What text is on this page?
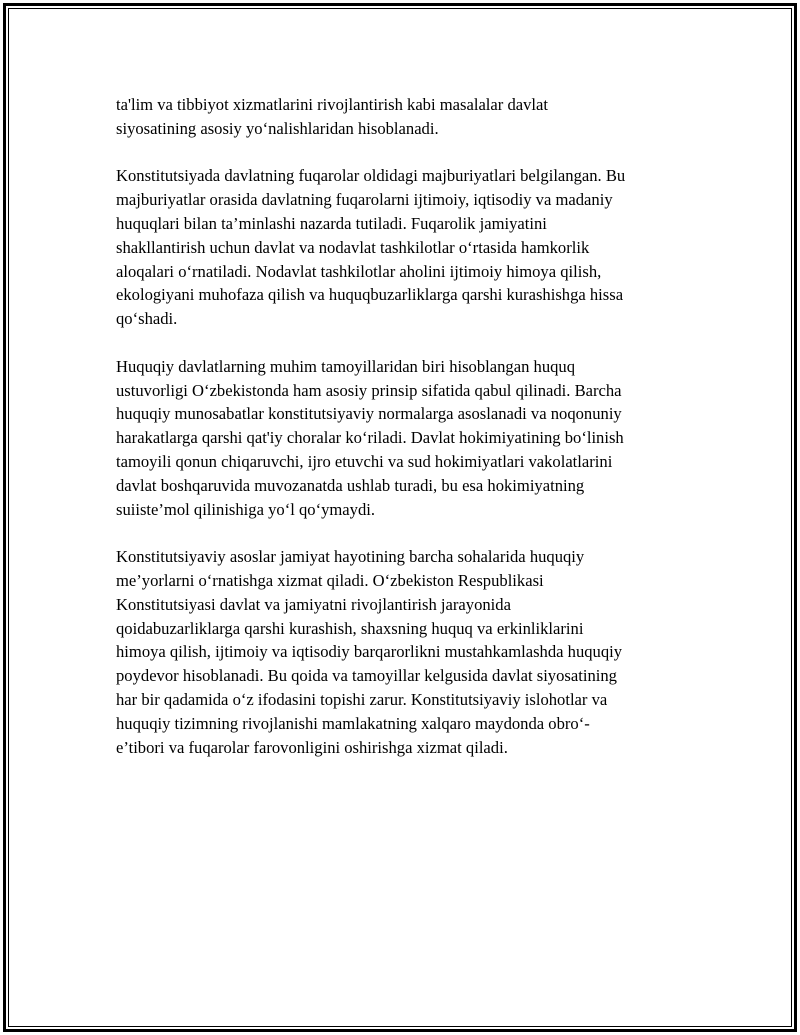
ta'lim va tibbiyot xizmatlarini rivojlantirish kabi masalalar davlat
siyosatining asosiy yo‘nalishlaridan hisoblanadi.

Konstitutsiyada davlatning fuqarolar oldidagi majburiyatlari belgilangan. Bu
majburiyatlar orasida davlatning fuqarolarni ijtimoiy, iqtisodiy va madaniy
huquqlari bilan ta’minlashi nazarda tutiladi. Fuqarolik jamiyatini
shakllantirish uchun davlat va nodavlat tashkilotlar o‘rtasida hamkorlik
aloqalari o‘rnatiladi. Nodavlat tashkilotlar aholini ijtimoiy himoya qilish,
ekologiyani muhofaza qilish va huquqbuzarliklarga qarshi kurashishga hissa
qo‘shadi.

Huquqiy davlatlarning muhim tamoyillaridan biri hisoblangan huquq
ustuvorligi O‘zbekistonda ham asosiy prinsip sifatida qabul qilinadi. Barcha
huquqiy munosabatlar konstitutsiyaviy normalarga asoslanadi va noqonuniy
harakatlarga qarshi qat'iy choralar ko‘riladi. Davlat hokimiyatining bo‘linish
tamoyili qonun chiqaruvchi, ijro etuvchi va sud hokimiyatlari vakolatlarini
davlat boshqaruvida muvozanatda ushlab turadi, bu esa hokimiyatning
suiiste’mol qilinishiga yo‘l qo‘ymaydi.

Konstitutsiyaviy asoslar jamiyat hayotining barcha sohalarida huquqiy
me’yorlarni o‘rnatishga xizmat qiladi. O‘zbekiston Respublikasi
Konstitutsiyasi davlat va jamiyatni rivojlantirish jarayonida
qoidabuzarliklarga qarshi kurashish, shaxsning huquq va erkinliklarini
himoya qilish, ijtimoiy va iqtisodiy barqarorlikni mustahkamlashda huquqiy
poydevor hisoblanadi. Bu qoida va tamoyillar kelgusida davlat siyosatining
har bir qadamida o‘z ifodasini topishi zarur. Konstitutsiyaviy islohotlar va
huquqiy tizimning rivojlanishi mamlakatning xalqaro maydonda obro‘-
e’tibori va fuqarolar farovonligini oshirishga xizmat qiladi.
